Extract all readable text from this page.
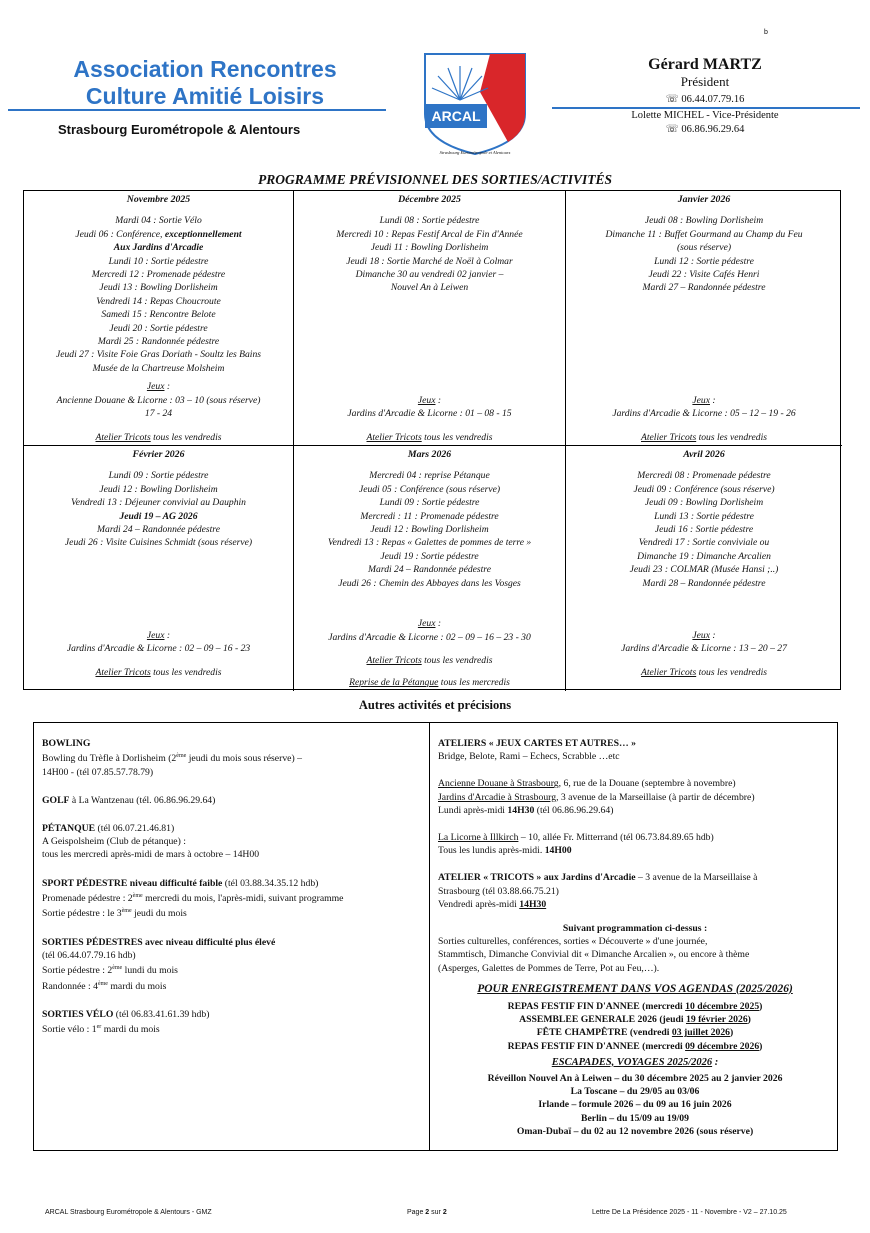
b
Association Rencontres
Culture Amitié Loisirs
Strasbourg Eurométropole & Alentours
ARCAL
Strasbourg Eurométropole et Alentours
Gérard MARTZ
Président
☏ 06.44.07.79.16
Lolette MICHEL - Vice-Présidente
☏ 06.86.96.29.64
PROGRAMME PRÉVISIONNEL DES SORTIES/ACTIVITÉS
Novembre 2025
Mardi 04 : Sortie Vélo
Jeudi 06 : Conférence, exceptionnellement
Aux Jardins d'Arcadie
Lundi 10 : Sortie pédestre
Mercredi 12 : Promenade pédestre
Jeudi 13 : Bowling Dorlisheim
Vendredi 14 : Repas Choucroute
Samedi 15 : Rencontre Belote
Jeudi 20 : Sortie pédestre
Mardi 25 : Randonnée pédestre
Jeudi 27 : Visite Foie Gras Doriath - Soultz les Bains
Musée de la Chartreuse Molsheim
Jeux :
Ancienne Douane & Licorne : 03 – 10 (sous réserve)
17 - 24
Atelier Tricots tous les vendredis
Décembre 2025
Lundi 08 : Sortie pédestre
Mercredi 10 : Repas Festif Arcal de Fin d'Année
Jeudi 11 : Bowling Dorlisheim
Jeudi 18 : Sortie Marché de Noël à Colmar
Dimanche 30 au vendredi 02 janvier –
Nouvel An à Leiwen
Jeux :
Jardins d'Arcadie & Licorne : 01 – 08 - 15
Atelier Tricots tous les vendredis
Janvier 2026
Jeudi 08 : Bowling Dorlisheim
Dimanche 11 : Buffet Gourmand au Champ du Feu
(sous réserve)
Lundi 12 : Sortie pédestre
Jeudi 22 : Visite Cafés Henri
Mardi 27 – Randonnée pédestre
Jeux :
Jardins d'Arcadie & Licorne : 05 – 12 – 19 - 26
Atelier Tricots tous les vendredis
Février 2026
Lundi 09 : Sortie pédestre
Jeudi 12 : Bowling Dorlisheim
Vendredi 13 : Déjeuner convivial au Dauphin
Jeudi 19 – AG 2026
Mardi 24 – Randonnée pédestre
Jeudi 26 : Visite Cuisines Schmidt (sous réserve)
Jeux :
Jardins d'Arcadie & Licorne : 02 – 09 – 16 - 23
Atelier Tricots tous les vendredis
Mars 2026
Mercredi 04 : reprise Pétanque
Jeudi 05 : Conférence (sous réserve)
Lundi 09 : Sortie pédestre
Mercredi : 11 : Promenade pédestre
Jeudi 12 : Bowling Dorlisheim
Vendredi 13 : Repas « Galettes de pommes de terre »
Jeudi 19 : Sortie pédestre
Mardi 24 – Randonnée pédestre
Jeudi 26 : Chemin des Abbayes dans les Vosges
Jeux :
Jardins d'Arcadie & Licorne : 02 – 09 – 16 – 23 - 30
Atelier Tricots tous les vendredis
Reprise de la Pétanque tous les mercredis
Avril 2026
Mercredi 08 : Promenade pédestre
Jeudi 09 : Conférence (sous réserve)
Jeudi 09 : Bowling Dorlisheim
Lundi 13 : Sortie pédestre
Jeudi 16 : Sortie pédestre
Vendredi 17 : Sortie conviviale ou
Dimanche 19 : Dimanche Arcalien
Jeudi 23 : COLMAR (Musée Hansi ;..)
Mardi 28 – Randonnée pédestre
Jeux :
Jardins d'Arcadie & Licorne : 13 – 20 – 27
Atelier Tricots tous les vendredis
Autres activités et précisions

BOWLING
Bowling du Trèfle à Dorlisheim (2ème jeudi du mois sous réserve) –
14H00 - (tél 07.85.57.78.79)

GOLF à La Wantzenau (tél. 06.86.96.29.64)

PÉTANQUE (tél 06.07.21.46.81)
A Geispolsheim (Club de pétanque) :
tous les mercredi après-midi de mars à octobre – 14H00

SPORT PÉDESTRE niveau difficulté faible (tél 03.88.34.35.12 hdb)
Promenade pédestre : 2ème mercredi du mois, l'après-midi, suivant programme
Sortie pédestre : le 3ème jeudi du mois

SORTIES PÉDESTRES avec niveau difficulté plus élevé
(tél 06.44.07.79.16 hdb)
Sortie pédestre : 2ème lundi du mois
Randonnée : 4ème mardi du mois

SORTIES VÉLO (tél 06.83.41.61.39 hdb)
Sortie vélo : 1er mardi du mois

ATELIERS « JEUX CARTES ET AUTRES… »
Bridge, Belote, Rami – Echecs, Scrabble …etc

Ancienne Douane à Strasbourg, 6, rue de la Douane (septembre à novembre)
Jardins d'Arcadie à Strasbourg, 3 avenue de la Marseillaise (à partir de décembre)
Lundi après-midi 14H30 (tél 06.86.96.29.64)

La Licorne à Illkirch – 10, allée Fr. Mitterrand (tél 06.73.84.89.65 hdb)
Tous les lundis après-midi. 14H00

ATELIER « TRICOTS » aux Jardins d'Arcadie – 3 avenue de la Marseillaise à
Strasbourg (tél 03.88.66.75.21)
Vendredi après-midi 14H30

Suivant programmation ci-dessus :
Sorties culturelles, conférences, sorties « Découverte » d'une journée,
Stammtisch, Dimanche Convivial dit « Dimanche Arcalien », ou encore à thème
(Asperges, Galettes de Pommes de Terre, Pot au Feu,…).
POUR ENREGISTREMENT DANS VOS AGENDAS (2025/2026)
REPAS FESTIF FIN D'ANNEE (mercredi 10 décembre 2025)
ASSEMBLEE GENERALE 2026 (jeudi 19 février 2026)
FÊTE CHAMPÊTRE (vendredi 03 juillet 2026)
REPAS FESTIF FIN D'ANNEE (mercredi 09 décembre 2026)
ESCAPADES, VOYAGES 2025/2026 :
Réveillon Nouvel An à Leiwen – du 30 décembre 2025 au 2 janvier 2026
La Toscane – du 29/05 au 03/06
Irlande – formule 2026 – du 09 au 16 juin 2026
Berlin – du 15/09 au 19/09
Oman-Dubaï – du 02 au 12 novembre 2026 (sous réserve)
ARCAL Strasbourg Eurométropole & Alentours - GMZ	Page 2 sur 2	Lettre De La Présidence 2025 - 11 - Novembre - V2 – 27.10.25
